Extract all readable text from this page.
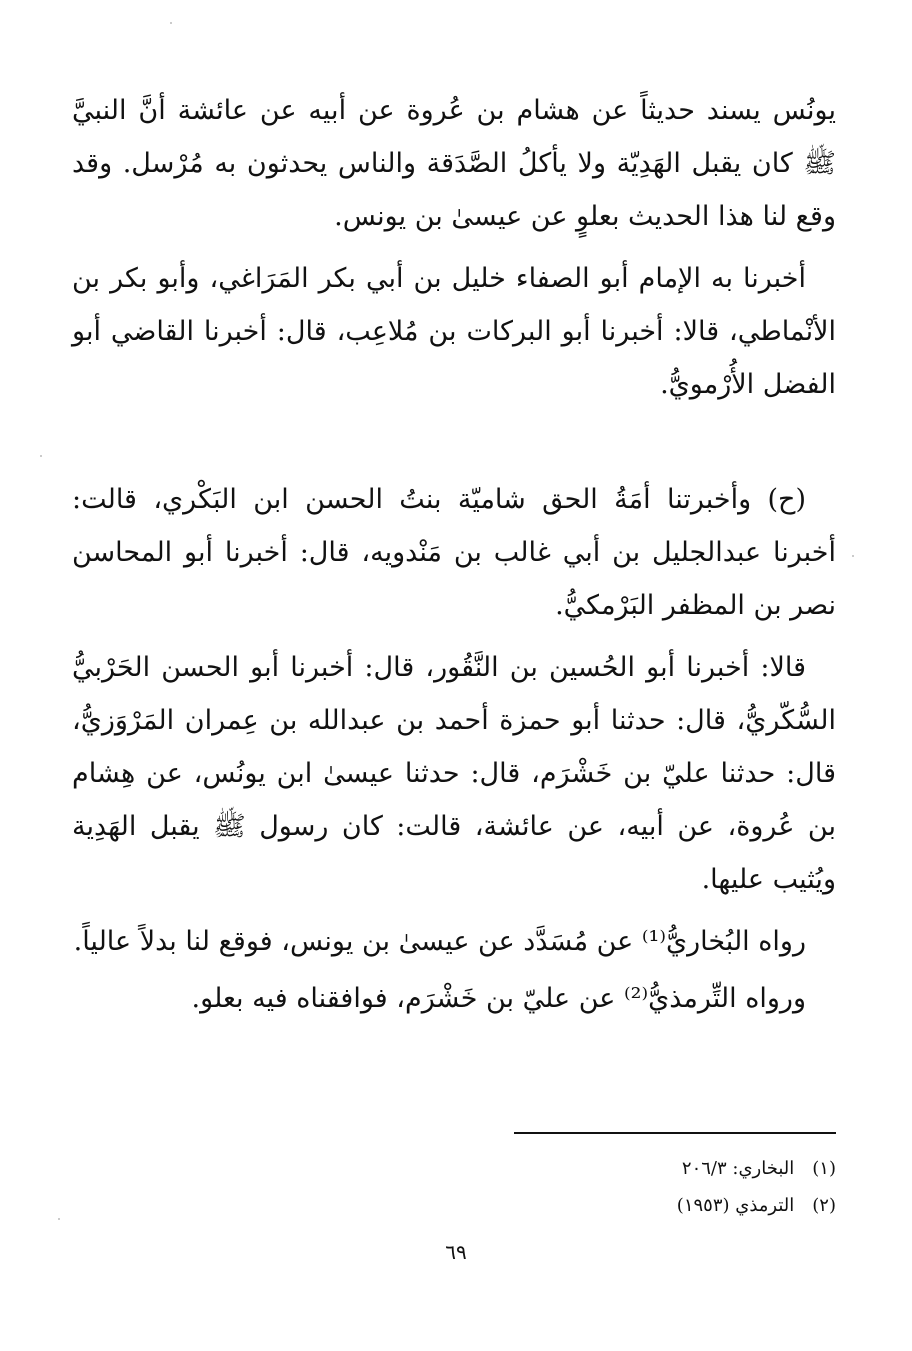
يونُس يسند حديثاً عن هشام بن عُروة عن أبيه عن عائشة أنَّ النبيَّ ﷺ كان يقبل الهَدِيّة ولا يأكلُ الصَّدَقة والناس يحدثون به مُرْسل. وقد وقع لنا هذا الحديث بعلوٍ عن عيسىٰ بن يونس.

أخبرنا به الإمام أبو الصفاء خليل بن أبي بكر المَرَاغي، وأبو بكر بن الأنْماطي، قالا: أخبرنا أبو البركات بن مُلاعِب، قال: أخبرنا القاضي أبو الفضل الأُرْمويُّ.

(ح) وأخبرتنا أمَةُ الحق شاميّة بنتُ الحسن ابن البَكْري، قالت: أخبرنا عبدالجليل بن أبي غالب بن مَنْدويه، قال: أخبرنا أبو المحاسن نصر بن المظفر البَرْمكيُّ.

قالا: أخبرنا أبو الحُسين بن النَّقُور، قال: أخبرنا أبو الحسن الحَرْبيُّ السُّكّريُّ، قال: حدثنا أبو حمزة أحمد بن عبدالله بن عِمران المَرْوَزيُّ، قال: حدثنا عليّ بن خَشْرَم، قال: حدثنا عيسىٰ ابن يونُس، عن هِشام بن عُروة، عن أبيه، عن عائشة، قالت: كان رسول ﷺ يقبل الهَدِية ويُثيب عليها.

رواه البُخاريُّ⁽¹⁾ عن مُسَدَّد عن عيسىٰ بن يونس، فوقع لنا بدلاً عالياً.

ورواه التِّرمذيُّ⁽²⁾ عن عليّ بن خَشْرَم، فوافقناه فيه بعلو.

(١)البخاري: ٢٠٦/٣
(٢)الترمذي (١٩٥٣)
٦٩
